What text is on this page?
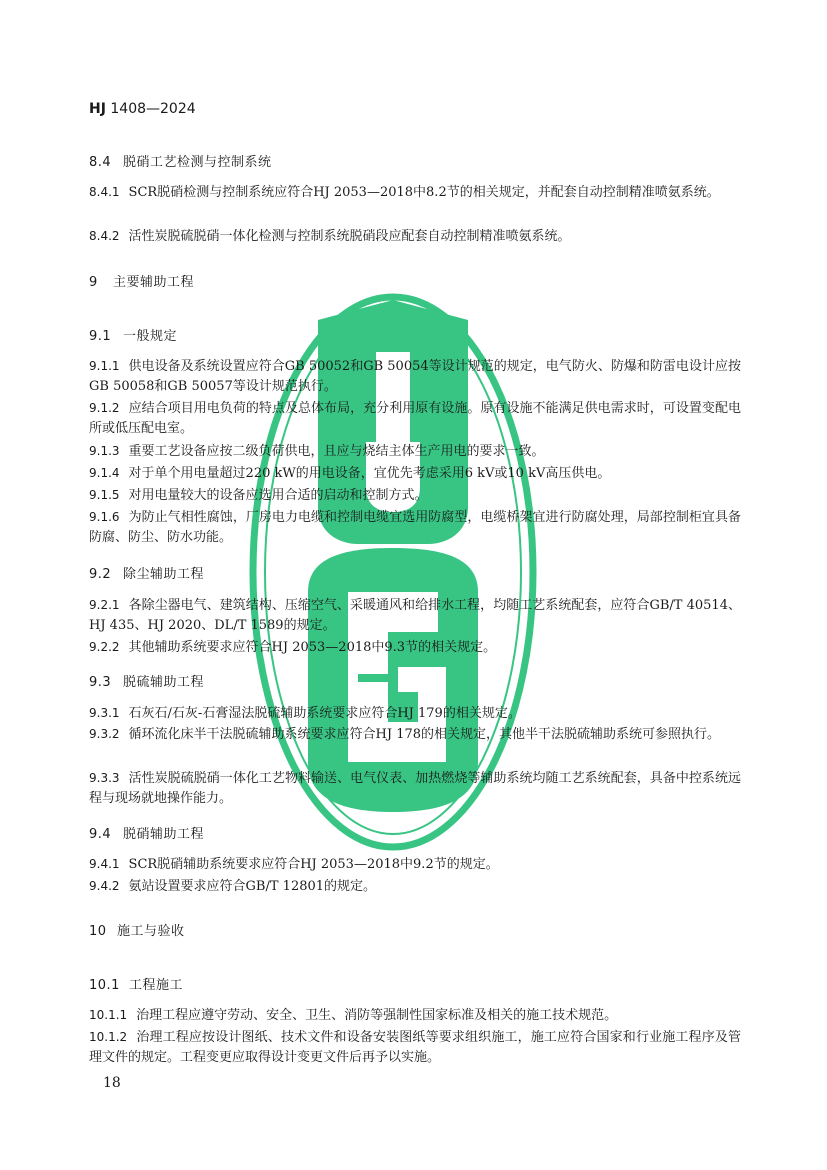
HJ 1408—2024
8.4 脱硝工艺检测与控制系统
8.4.1 SCR脱硝检测与控制系统应符合HJ 2053—2018中8.2节的相关规定，并配套自动控制精准喷氨系统。
8.4.2 活性炭脱硫脱硝一体化检测与控制系统脱硝段应配套自动控制精准喷氨系统。
9 主要辅助工程
9.1 一般规定
9.1.1 供电设备及系统设置应符合GB 50052和GB 50054等设计规范的规定，电气防火、防爆和防雷电设计应按GB 50058和GB 50057等设计规范执行。
9.1.2 应结合项目用电负荷的特点及总体布局，充分利用原有设施。原有设施不能满足供电需求时，可设置变配电所或低压配电室。
9.1.3 重要工艺设备应按二级负荷供电，且应与烧结主体生产用电的要求一致。
9.1.4 对于单个用电量超过220 kW的用电设备，宜优先考虑采用6 kV或10 kV高压供电。
9.1.5 对用电量较大的设备应选用合适的启动和控制方式。
9.1.6 为防止气相性腐蚀，厂房电力电缆和控制电缆宜选用防腐型，电缆桥架宜进行防腐处理，局部控制柜宜具备防腐、防尘、防水功能。
9.2 除尘辅助工程
9.2.1 各除尘器电气、建筑结构、压缩空气、采暖通风和给排水工程，均随工艺系统配套，应符合GB/T 40514、HJ 435、HJ 2020、DL/T 1589的规定。
9.2.2 其他辅助系统要求应符合HJ 2053—2018中9.3节的相关规定。
9.3 脱硫辅助工程
9.3.1 石灰石/石灰-石膏湿法脱硫辅助系统要求应符合HJ 179的相关规定。
9.3.2 循环流化床半干法脱硫辅助系统要求应符合HJ 178的相关规定，其他半干法脱硫辅助系统可参照执行。
9.3.3 活性炭脱硫脱硝一体化工艺物料输送、电气仪表、加热燃烧等辅助系统均随工艺系统配套，具备中控系统远程与现场就地操作能力。
9.4 脱硝辅助工程
9.4.1 SCR脱硝辅助系统要求应符合HJ 2053—2018中9.2节的规定。
9.4.2 氨站设置要求应符合GB/T 12801的规定。
10 施工与验收
10.1 工程施工
10.1.1 治理工程应遵守劳动、安全、卫生、消防等强制性国家标准及相关的施工技术规范。
10.1.2 治理工程应按设计图纸、技术文件和设备安装图纸等要求组织施工，施工应符合国家和行业施工程序及管理文件的规定。工程变更应取得设计变更文件后再予以实施。
18
